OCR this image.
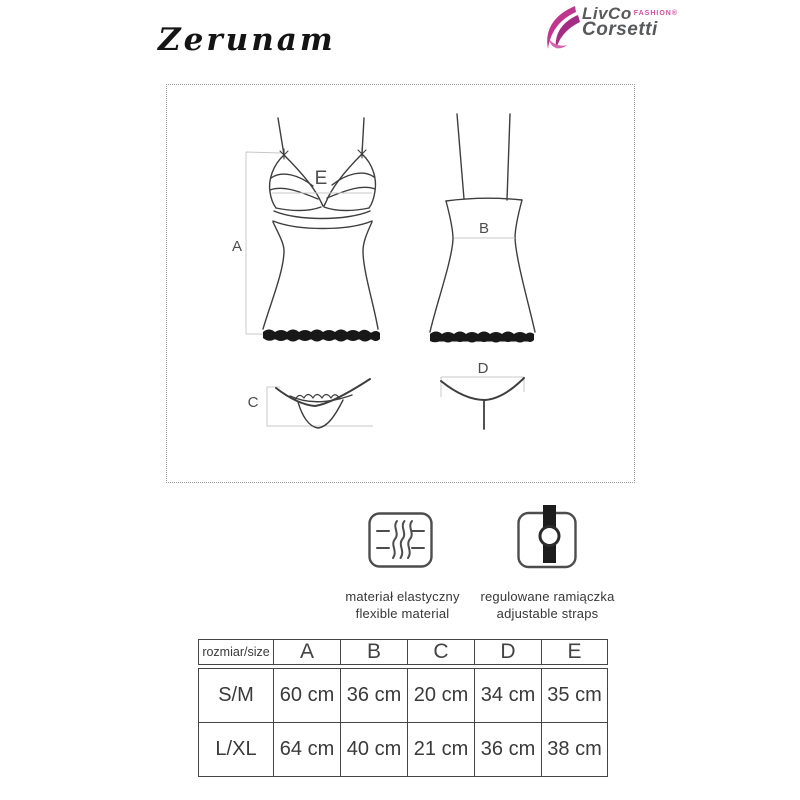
Zerunam
LivCo $^{FASHION®}$
Corsetti
A
E
B
C
D
materiał elastyczny
flexible material
regulowane ramiączka
adjustable straps
rozmiar/size	A	B	C	D	E
S/M	60 cm	36 cm	20 cm	34 cm	35 cm
L/XL	64 cm	40 cm	21 cm	36 cm	38 cm
